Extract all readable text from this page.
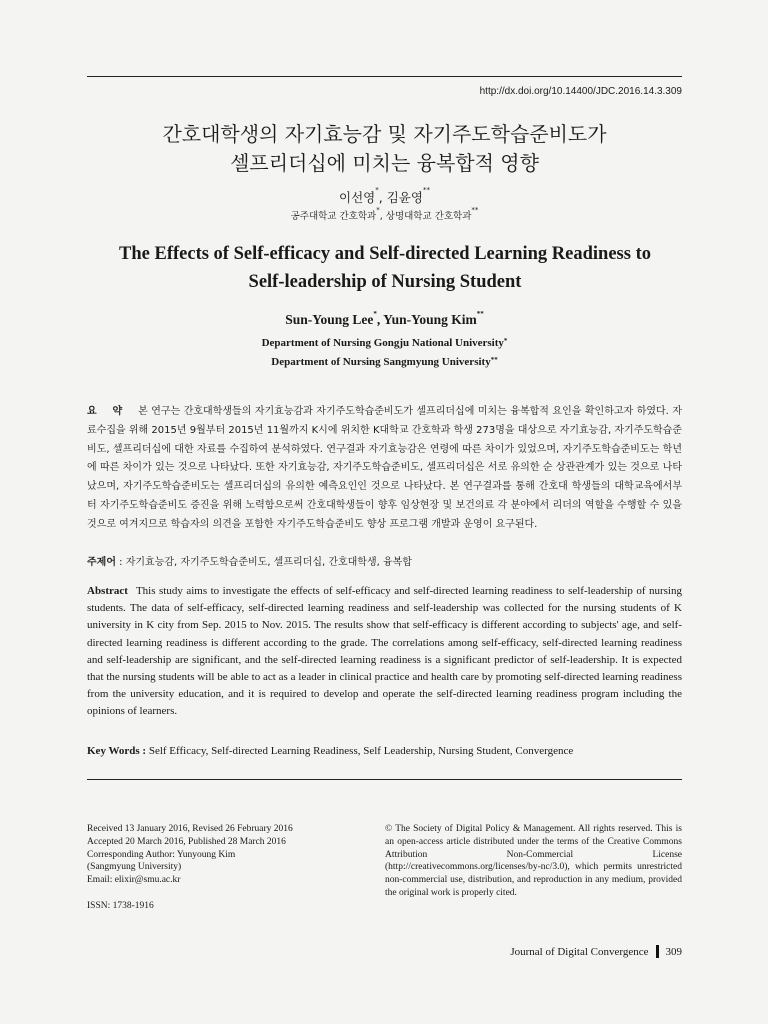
http://dx.doi.org/10.14400/JDC.2016.14.3.309
간호대학생의 자기효능감 및 자기주도학습준비도가
셀프리더십에 미치는 융복합적 영향
이선영*, 김윤영**
공주대학교 간호학과*, 상명대학교 간호학과**
The Effects of Self-efficacy and Self-directed Learning Readiness to
Self-leadership of Nursing Student
Sun-Young Lee*, Yun-Young Kim**
Department of Nursing Gongju National University*
Department of Nursing Sangmyung University**
요 약 본 연구는 간호대학생들의 자기효능감과 자기주도학습준비도가 셀프리더십에 미치는 융복합적 요인을 확인하고자 하였다. 자료수집을 위해 2015년 9월부터 2015년 11월까지 K시에 위치한 K대학교 간호학과 학생 273명을 대상으로 자기효능감, 자기주도학습준비도, 셀프리더십에 대한 자료를 수집하여 분석하였다. 연구결과 자기효능감은 연령에 따른 차이가 있었으며, 자기주도학습준비도는 학년에 따른 차이가 있는 것으로 나타났다. 또한 자기효능감, 자기주도학습준비도, 셀프리더십은 서로 유의한 순 상관관계가 있는 것으로 나타났으며, 자기주도학습준비도는 셀프리더십의 유의한 예측요인인 것으로 나타났다. 본 연구결과를 통해 간호대 학생들의 대학교육에서부터 자기주도학습준비도 증진을 위해 노력함으로써 간호대학생들이 향후 임상현장 및 보건의료 각 분야에서 리더의 역할을 수행할 수 있을 것으로 여겨지므로 학습자의 의견을 포함한 자기주도학습준비도 향상 프로그램 개발과 운영이 요구된다.
주제어 : 자기효능감, 자기주도학습준비도, 셀프리더십, 간호대학생, 융복합
Abstract This study aims to investigate the effects of self-efficacy and self-directed learning readiness to self-leadership of nursing students. The data of self-efficacy, self-directed learning readiness and self-leadership was collected for the nursing students of K university in K city from Sep. 2015 to Nov. 2015. The results show that self-efficacy is different according to subjects' age, and self-directed learning readiness is different according to the grade. The correlations among self-efficacy, self-directed learning readiness and self-leadership are significant, and the self-directed learning readiness is a significant predictor of self-leadership. It is expected that the nursing students will be able to act as a leader in clinical practice and health care by promoting self-directed learning readiness from the university education, and it is required to develop and operate the self-directed learning readiness program including the opinions of learners.
Key Words : Self Efficacy, Self-directed Learning Readiness, Self Leadership, Nursing Student, Convergence
Received 13 January 2016, Revised 26 February 2016
Accepted 20 March 2016, Published 28 March 2016
Corresponding Author: Yunyoung Kim
(Sangmyung University)
Email: elixir@smu.ac.kr
ISSN: 1738-1916
© The Society of Digital Policy & Management. All rights reserved. This is an open-access article distributed under the terms of the Creative Commons Attribution Non-Commercial License (http://creativecommons.org/licenses/by-nc/3.0), which permits unrestricted non-commercial use, distribution, and reproduction in any medium, provided the original work is properly cited.
Journal of Digital Convergence 309
